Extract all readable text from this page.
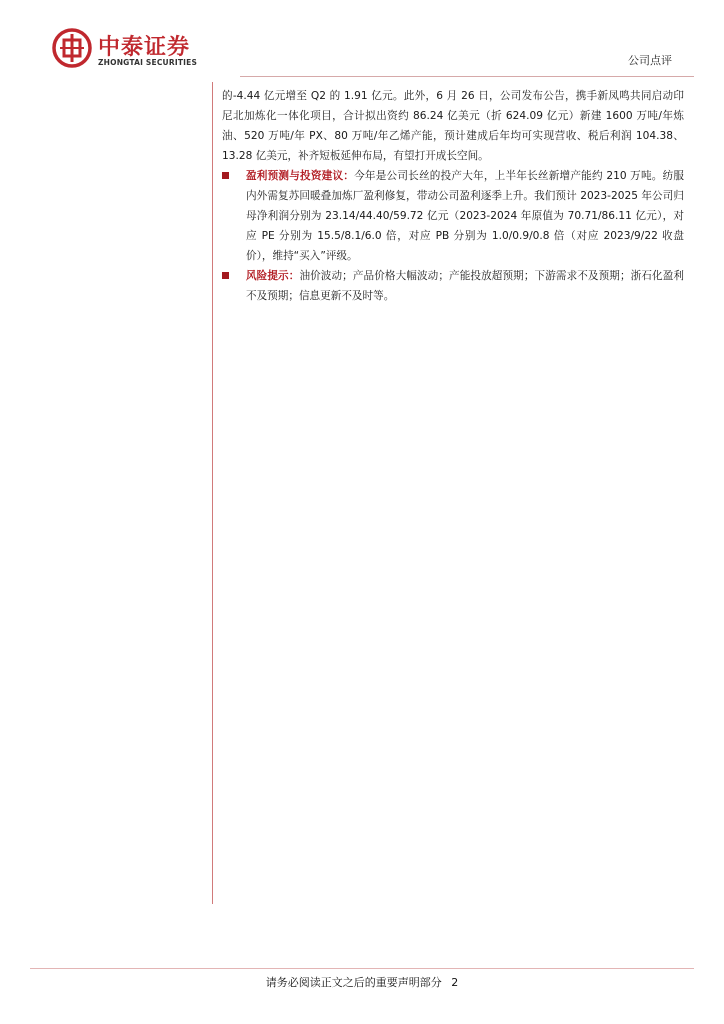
中泰证券
ZHONGTAI SECURITIES	公司点评

的-4.44 亿元增至 Q2 的 1.91 亿元。此外，6 月 26 日，公司发布公告，携手新凤鸣共同启动印尼北加炼化一体化项目，合计拟出资约 86.24 亿美元（折 624.09 亿元）新建 1600 万吨/年炼油、520 万吨/年 PX、80 万吨/年乙烯产能，预计建成后年均可实现营收、税后利润 104.38、13.28 亿美元，补齐短板延伸布局，有望打开成长空间。

盈利预测与投资建议：今年是公司长丝的投产大年，上半年长丝新增产能约 210 万吨。纺服内外需复苏回暖叠加炼厂盈利修复，带动公司盈利逐季上升。我们预计 2023-2025 年公司归母净利润分别为 23.14/44.40/59.72 亿元（2023-2024 年原值为 70.71/86.11 亿元），对应 PE 分别为 15.5/8.1/6.0 倍，对应 PB 分别为 1.0/0.9/0.8 倍（对应 2023/9/22 收盘价），维持“买入”评级。

风险提示：油价波动；产品价格大幅波动；产能投放超预期；下游需求不及预期；浙石化盈利不及预期；信息更新不及时等。

请务必阅读正文之后的重要声明部分 2
